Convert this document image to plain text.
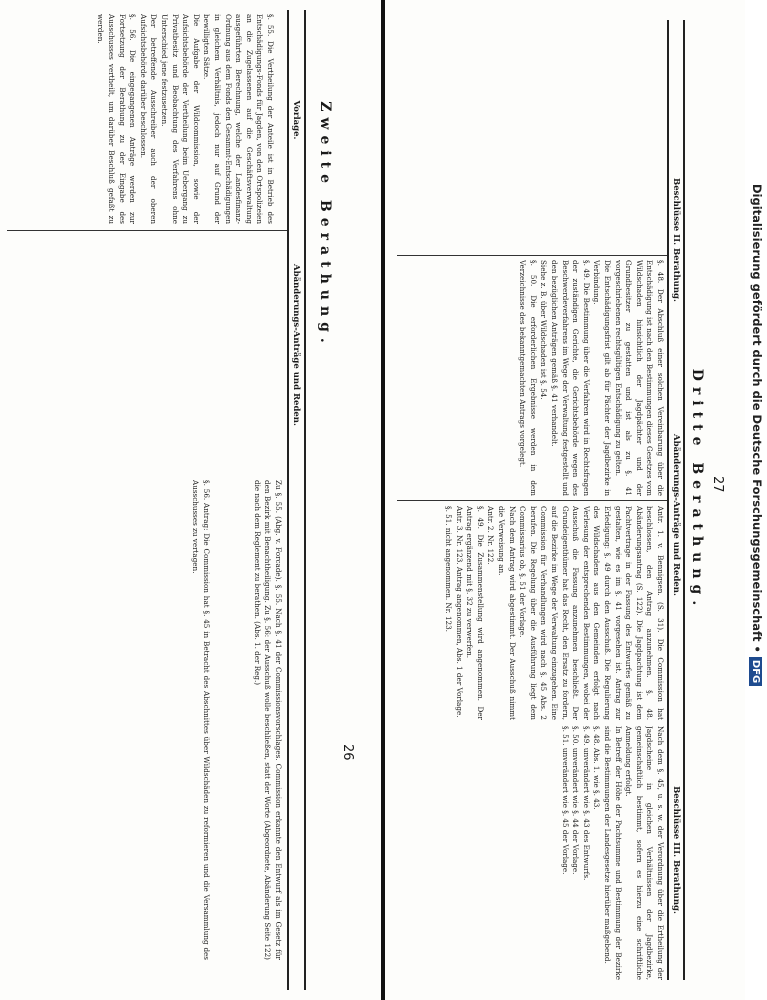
26
Zweite Berathung.
Vorlage.
Abänderungs-Anträge und Reden.
§. 55. Die Vertheilung der Anteile ist in Betrieb des Entschädigungs-Fonds für Jagden, von den Ortspolizeien an die Zugelassenen auf die Geschäftsverwaltung ausgeführten Berechnung, welche der Landesfinanz-Ordnung aus dem Fonds den Gesammt-Entschädigungen in gleichem Verhältnis, jedoch nur auf Grund der bewilligten Sätze.
Die Aufgabe der Wildcommission, sowie der Aufsichtsbehörde der Vertheilung beim Uebergang zu Privatbesitz und Beobachtung des Verfahrens ohne Unterschied jene festzusetzen.
Der betreffende Ausschreiber auch der oberen Aufsichtsbehörde darüber beschlossen.
§. 56. Die eingegangenen Anträge werden zur Fortsetzung der Berathung zu der Eingabe des Ausschusses vertheilt, um darüber Beschluß gefaßt zu werden.
Zu §. 55. (Abg. v. Forcade). §. 55. Nach §. 41 der Commissionsvorschlages. Commission erkannte den Entwurf als im Gesetz für den Bezirk mit Benachtheiligung. Zu §. 56: der Ausschuß wolle beschließen, statt der Worte (Abgeordnete, Abänderung Seite 122) die nach dem Reglement zu berathen. (Abs. 1. der Reg.)
§. 56. Antrag: Die Commission hat §. 45 in Betracht des Abschnittes über Wildschäden zu reformieren und die Versammlung des Ausschusses zu vertagen.	27
Dritte Berathung.
Beschlüsse II. Berathung.
Abänderungs-Anträge und Reden.
Beschlüsse III. Berathung.
§. 48. Der Abschluß einer solchen Vereinbarung über die Entschädigung ist nach den Bestimmungen dieses Gesetzes vom Wildschaden hinsichtlich der Jagdpächter und der Grundbesitzer zu gestatten und ist als zu §. 41 vorgeschriebenen rechtsgültigen Entschädigung zu gelten.
Die Entschädigungsfrist gilt ab für Pächter der Jagdbezirke in Verbindung.
§. 49. Die Bestimmung über die Verfahren wird in Rechtsfragen der zuständigen Gerichte, die Gerichtsbehörde wegen des Beschwerdeverfahrens im Wege der Verwaltung festgestellt und den bezüglichen Anträgen gemäß §. 41 verhandelt.
Siehe z. B. über Wildschaden ist §. 54.
§. 50. Die erforderlichen Ergebnisse werden in dem Verzeichnisse des bekanntgemachten Antrags vorgelegt.
Antr. 1. v. Bennigsen. (S. 31). Die Commission hat beschlossen, den Antrag anzunehmen. §. 48. Abänderungsantrag (S. 122). Die Jagdpachtung ist dem Pachtvertrage in der Fassung des Entwurfes gemäß zu gestalten, wie es im §. 41 vorgesehen ist. Antrag zur Erledigung: §. 49 durch den Ausschuß. Die Regulierung des Wildschadens aus den Gemeinden erfolgt nach Verlesung der entsprechenden Bestimmungen, wobei der Ausschuß die Fassung anzunehmen beschließt. Der Grundeigenthümer hat das Recht, den Ersatz zu fordern, auf die Bezirke im Wege der Verwaltung einzugehen. Eine Commission für Verhandlungen wird nach §. 45 Abs. 2 berufen. Die Regelung über die Ausführung liegt dem Commissarius ob, §. 51 der Vorlage.
Nach dem Antrag wird abgestimmt. Der Ausschuß nimmt die Verweisung an.
Antr. 2. Nr. 122.
§. 49. Die Zusammenstellung wird angenommen. Der Antrag ergänzend mit §. 32 zu verwerfen.
Antr. 3. Nr. 123. Antrag angenommen, Abs. 1 der Vorlage.
§. 51. nicht angenommen. Nr. 123.
Nach dem §. 45, u. s. w. der Verordnung über die Ertheilung der Jagdscheine in gleichen Verhältnissen der Jagdbezirke, gemeinschaftlich bestimmt, sofern es hierzu eine schriftliche Anmeldung erfolgt.
In Betreff der Höhe der Pachtsumme und Bestimmung der Bezirke sind die Bestimmungen der Landesgesetze hierüber maßgebend.
§. 48. Abs. 1. wie §. 43.
§. 49. unverändert wie §. 43 des Entwurfs.
§. 50. unverändert wie §. 44 der Vorlage.
§. 51. unverändert wie §. 45 der Vorlage.
Digitalisierung gefördert durch die Deutsche Forschungsgemeinschaft •DFG
